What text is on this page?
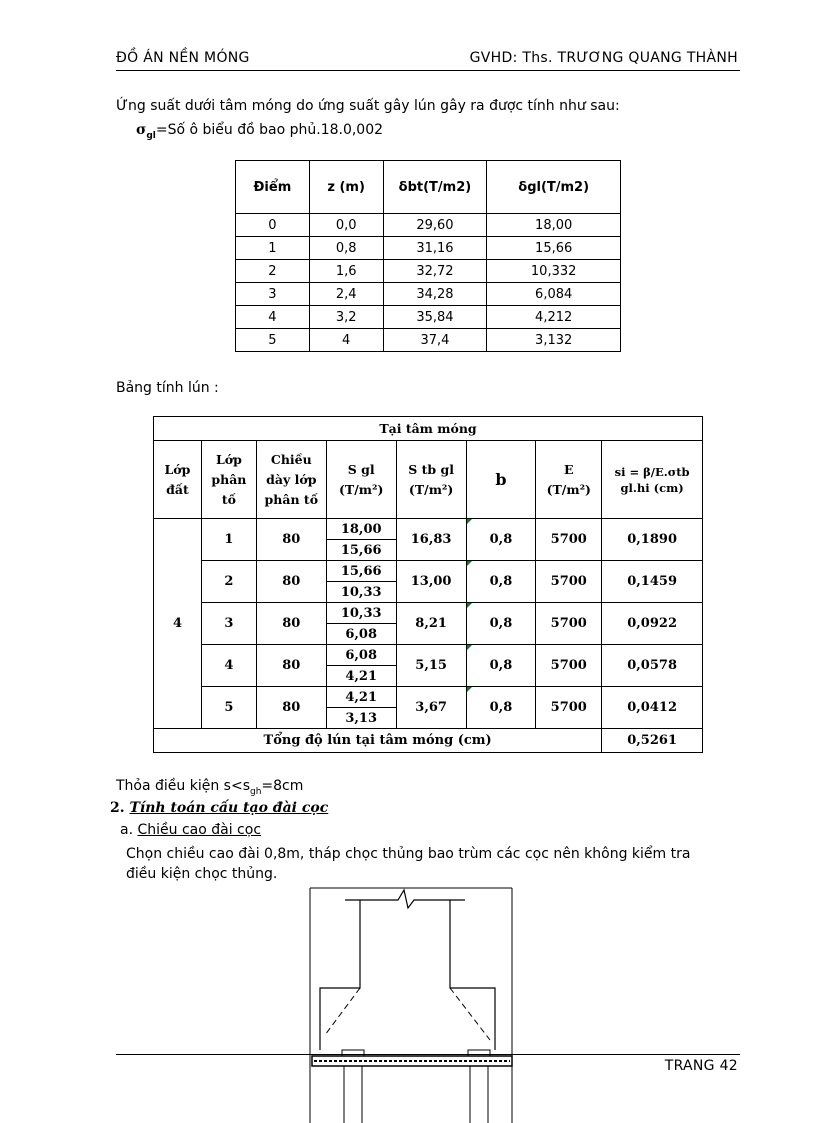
ĐỒ ÁN NỀN MÓNG	GVHD: Ths. TRƯƠNG QUANG THÀNH
Ứng suất dưới tâm móng do ứng suất gây lún gây ra được tính như sau:
$\sigma_{gl}=Số$ ô biểu đồ bao phủ.18.0,002
Điểm	z (m)	δbt(T/m2)	δgl(T/m2)
0	0,0	29,60	18,00
1	0,8	31,16	15,66
2	1,6	32,72	10,332
3	2,4	34,28	6,084
4	3,2	35,84	4,212
5	4	37,4	3,132
Bảng tính lún :
Tại tâm móng							
Lớp đất	Lớp phân tố	Chiều dày lớp phân tố	S gl (T/m²)	S tb gl (T/m²)	b	E (T/m²)	si = β/E.σtb gl.hi (cm)
4	1	80	18,00	16,83	0,8	5700	0,1890
			15,66				
	2	80	15,66	13,00	0,8	5700	0,1459
			10,33				
	3	80	10,33	8,21	0,8	5700	0,0922
			6,08				
	4	80	6,08	5,15	0,8	5700	0,0578
			4,21				
	5	80	4,21	3,67	0,8	5700	0,0412
			3,13				
Tổng độ lún tại tâm móng (cm)							0,5261
Thỏa điều kiện $s<s_{gh}=8cm$
2. Tính toán cấu tạo đài cọc
a. Chiều cao đài cọc
Chọn chiều cao đài 0,8m, tháp chọc thủng bao trùm các cọc nên không kiểm tra
điều kiện chọc thủng.
TRANG 42
